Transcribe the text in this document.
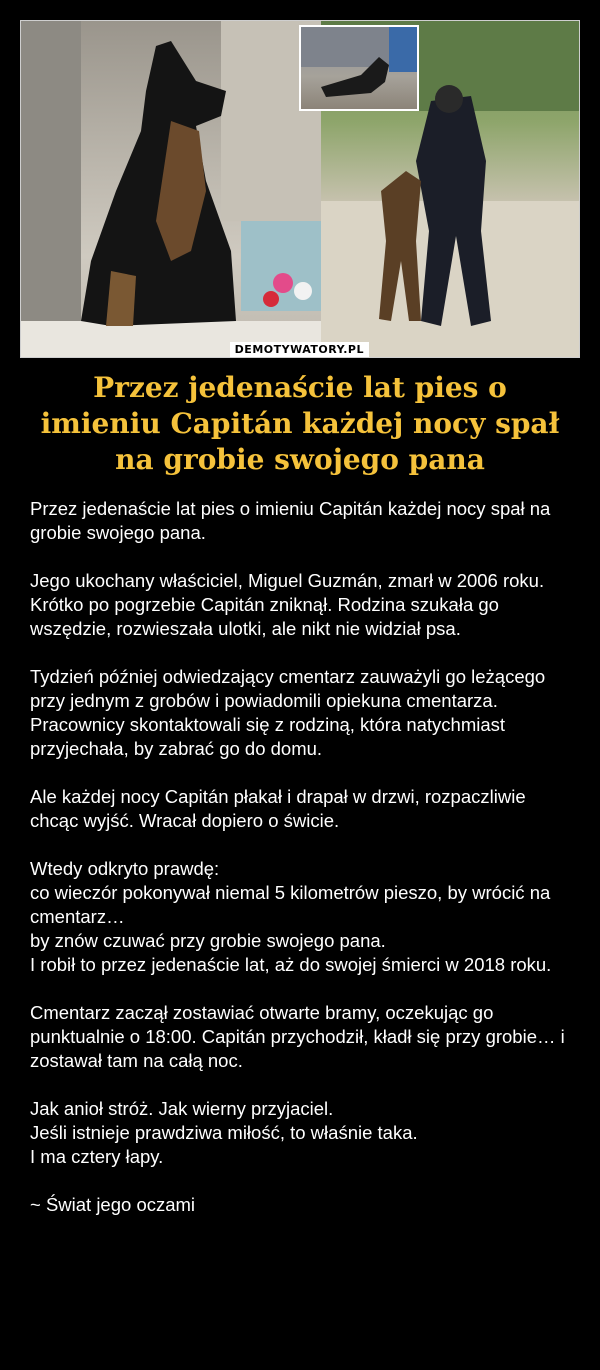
DEMOTYWATORY.PL
Przez jedenaście lat pies o imieniu Capitán każdej nocy spał na grobie swojego pana

Przez jedenaście lat pies o imieniu Capitán każdej nocy spał na grobie swojego pana.

Jego ukochany właściciel, Miguel Guzmán, zmarł w 2006 roku. Krótko po pogrzebie Capitán zniknął. Rodzina szukała go wszędzie, rozwieszała ulotki, ale nikt nie widział psa.

Tydzień później odwiedzający cmentarz zauważyli go leżącego przy jednym z grobów i powiadomili opiekuna cmentarza. Pracownicy skontaktowali się z rodziną, która natychmiast przyjechała, by zabrać go do domu.

Ale każdej nocy Capitán płakał i drapał w drzwi, rozpaczliwie chcąc wyjść. Wracał dopiero o świcie.

Wtedy odkryto prawdę:
co wieczór pokonywał niemal 5 kilometrów pieszo, by wrócić na cmentarz…
by znów czuwać przy grobie swojego pana.
I robił to przez jedenaście lat, aż do swojej śmierci w 2018 roku.

Cmentarz zaczął zostawiać otwarte bramy, oczekując go punktualnie o 18:00. Capitán przychodził, kładł się przy grobie… i zostawał tam na całą noc.

Jak anioł stróż. Jak wierny przyjaciel.
Jeśli istnieje prawdziwa miłość, to właśnie taka.
I ma cztery łapy.

~ Świat jego oczami
